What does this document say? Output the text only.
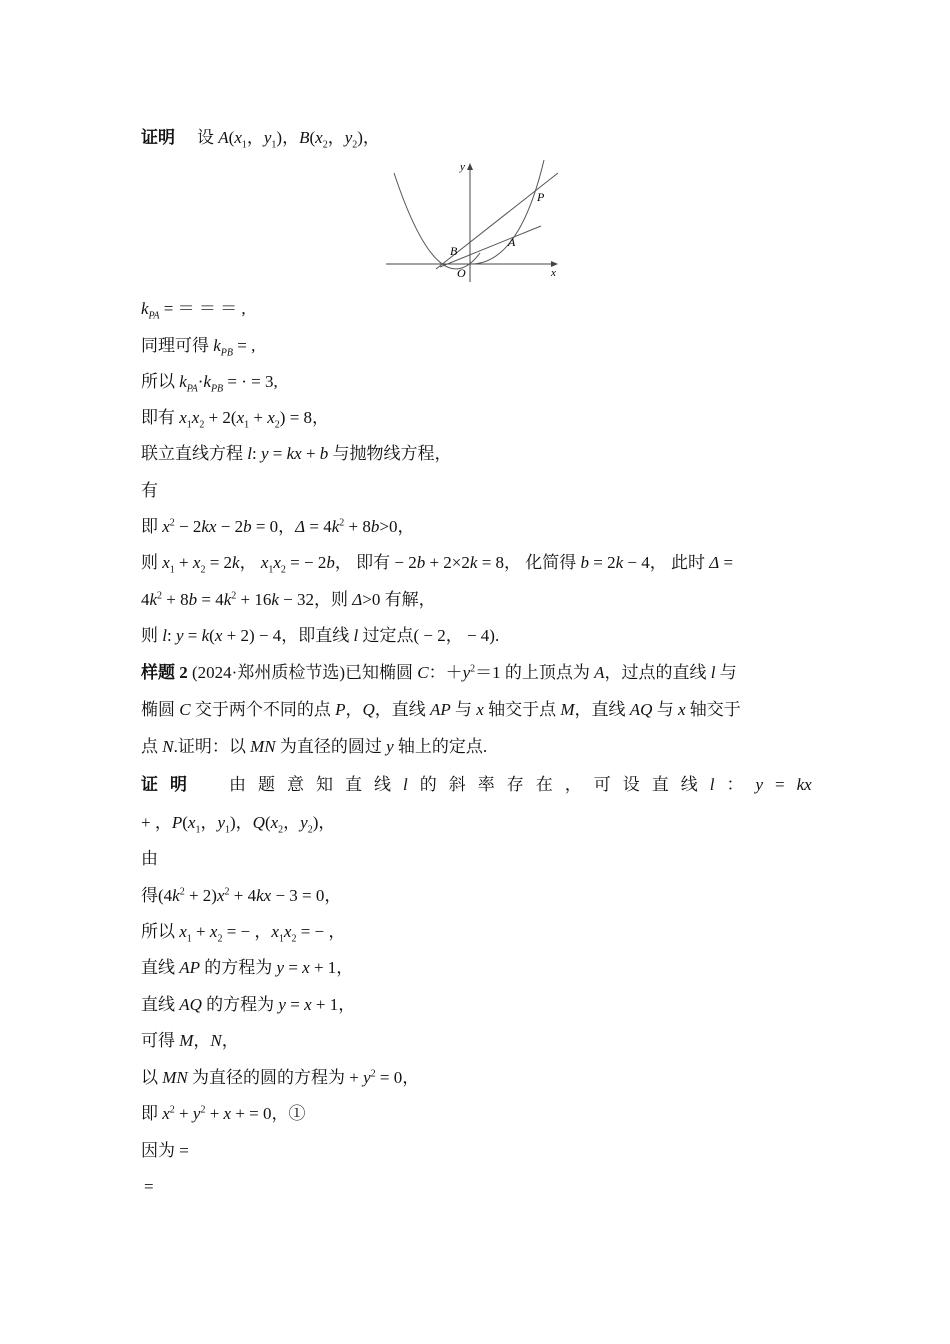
证明 设 $A(x_1$，$y_1$)，$B(x_2$，$y_2$)，
y
x
O
B
A
P
$k_{PA}$ = ＝ ＝ ＝ ,
同理可得 $k_{PB}$ = ,
所以 $k_{PA}\cdot k_{PB}$ = · = 3,
即有 $x_1x_2 + 2(x_1 + x_2) = 8$，
联立直线方程 l: y = kx + b 与抛物线方程，
有
即 $x^2 - 2kx - 2b = 0$，$\Delta = 4k^2 + 8b>0$，
则 $x_1 + x_2 = 2k$， $x_1x_2$ = − 2b， 即有 − 2b + 2×2k = 8， 化简得 b = 2k − 4， 此时 Δ =
$4k^2 + 8b = 4k^2 + 16k - 32$，则 Δ>0 有解，
则 l: y = k(x + 2) − 4，即直线 l 过定点( − 2， − 4).
样题 2 (2024·郑州质检节选)已知椭圆 C：$+y^2=1$ 的上顶点为 A，过点的直线 l 与
椭圆 C 交于两个不同的点 P，Q，直线 AP 与 x 轴交于点 M，直线 AQ 与 x 轴交于
点 N.证明：以 MN 为直径的圆过 y 轴上的定点.
证 明 由 题 意 知 直 线 l 的 斜 率 存 在 ， 可 设 直 线 l ： y = kx
+ ，$P(x_1$，$y_1$)，$Q(x_2$，$y_2$)，
由
得$(4k^2 + 2)x^2 + 4kx - 3 = 0$，
所以 $x_1 + x_2$ = − ，$x_1x_2$ = − ，
直线 AP 的方程为 y = x + 1，
直线 AQ 的方程为 y = x + 1，
可得 M，N，
以 MN 为直径的圆的方程为 + $y^2 = 0$，
即 $x^2 + y^2 + x$ + = 0，①
因为 =
=
